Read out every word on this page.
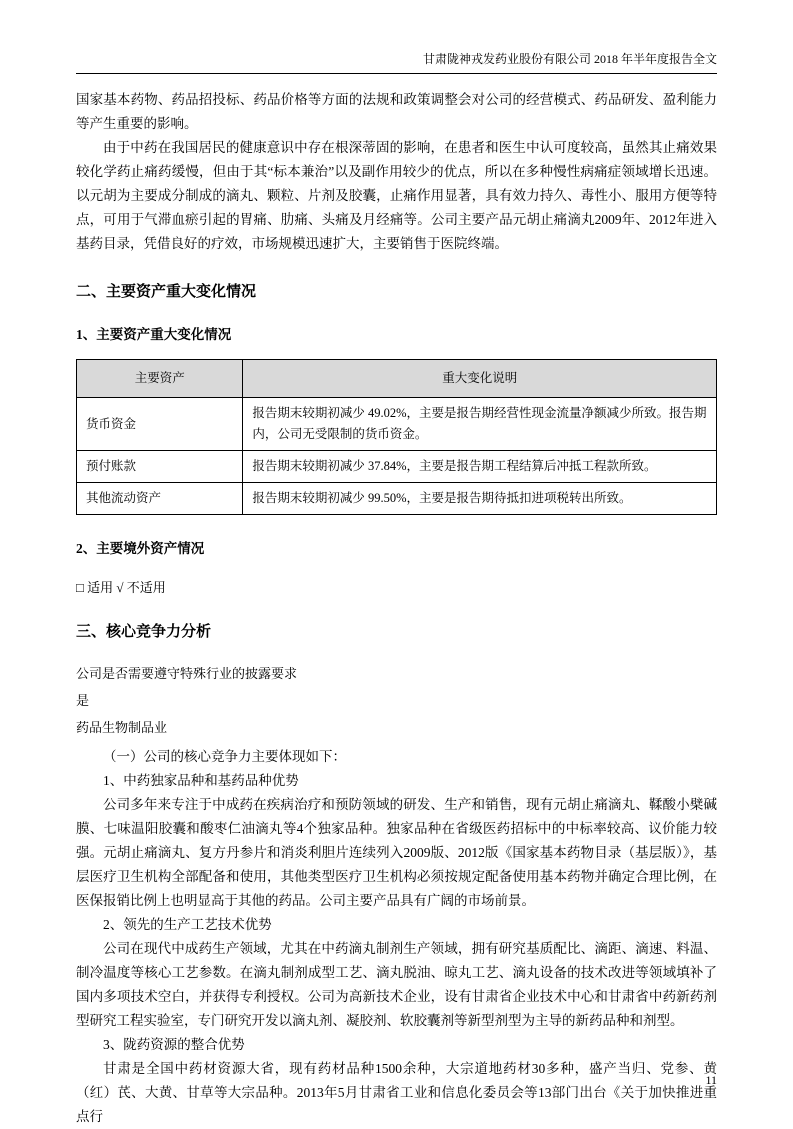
甘肃陇神戎发药业股份有限公司 2018 年半年度报告全文

国家基本药物、药品招投标、药品价格等方面的法规和政策调整会对公司的经营模式、药品研发、盈利能力等产生重要的影响。

由于中药在我国居民的健康意识中存在根深蒂固的影响，在患者和医生中认可度较高，虽然其止痛效果较化学药止痛药缓慢，但由于其“标本兼治”以及副作用较少的优点，所以在多种慢性病痛症领域增长迅速。以元胡为主要成分制成的滴丸、颗粒、片剂及胶囊，止痛作用显著，具有效力持久、毒性小、服用方便等特点，可用于气滞血瘀引起的胃痛、肋痛、头痛及月经痛等。公司主要产品元胡止痛滴丸2009年、2012年进入基药目录，凭借良好的疗效，市场规模迅速扩大，主要销售于医院终端。

二、主要资产重大变化情况
1、主要资产重大变化情况
主要资产	重大变化说明
货币资金	报告期末较期初减少 49.02%，主要是报告期经营性现金流量净额减少所致。报告期内，公司无受限制的货币资金。
预付账款	报告期末较期初减少 37.84%，主要是报告期工程结算后冲抵工程款所致。
其他流动资产	报告期末较期初减少 99.50%，主要是报告期待抵扣进项税转出所致。
2、主要境外资产情况

□ 适用 √ 不适用

三、核心竞争力分析

公司是否需要遵守特殊行业的披露要求

是

药品生物制品业

（一）公司的核心竞争力主要体现如下：

1、中药独家品种和基药品种优势

公司多年来专注于中成药在疾病治疗和预防领域的研发、生产和销售，现有元胡止痛滴丸、鞣酸小檗碱膜、七味温阳胶囊和酸枣仁油滴丸等4个独家品种。独家品种在省级医药招标中的中标率较高、议价能力较强。元胡止痛滴丸、复方丹参片和消炎利胆片连续列入2009版、2012版《国家基本药物目录（基层版）》，基层医疗卫生机构全部配备和使用，其他类型医疗卫生机构必须按规定配备使用基本药物并确定合理比例，在医保报销比例上也明显高于其他的药品。公司主要产品具有广阔的市场前景。

2、领先的生产工艺技术优势

公司在现代中成药生产领域，尤其在中药滴丸制剂生产领域，拥有研究基质配比、滴距、滴速、料温、制冷温度等核心工艺参数。在滴丸制剂成型工艺、滴丸脱油、晾丸工艺、滴丸设备的技术改进等领域填补了国内多项技术空白，并获得专利授权。公司为高新技术企业，设有甘肃省企业技术中心和甘肃省中药新药剂型研究工程实验室，专门研究开发以滴丸剂、凝胶剂、软胶囊剂等新型剂型为主导的新药品种和剂型。

3、陇药资源的整合优势

甘肃是全国中药材资源大省，现有药材品种1500余种，大宗道地药材30多种，盛产当归、党参、黄（红）芪、大黄、甘草等大宗品种。2013年5月甘肃省工业和信息化委员会等13部门出台《关于加快推进重点行

11
